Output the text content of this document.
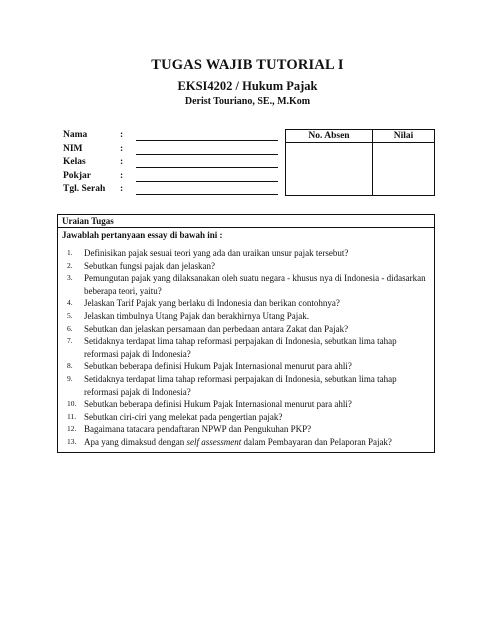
TUGAS WAJIB TUTORIAL I
EKSI4202 / Hukum Pajak
Derist Touriano, SE., M.Kom
Nama	:
NIM	:
Kelas	:
Pokjar	:
Tgl. Serah :
No. Absen	Nilai

Uraian Tugas
Jawablah pertanyaan essay di bawah ini :
1.	Definisikan pajak sesuai teori yang ada dan uraikan unsur pajak tersebut?
2.	Sebutkan fungsi pajak dan jelaskan?
3.	Pemungutan pajak yang dilaksanakan oleh suatu negara - khusus nya di Indonesia - didasarkan beberapa teori, yaitu?
4.	Jelaskan Tarif Pajak yang berlaku di Indonesia dan berikan contohnya?
5.	Jelaskan timbulnya Utang Pajak dan berakhirnya Utang Pajak.
6.	Sebutkan dan jelaskan persamaan dan perbedaan antara Zakat dan Pajak?
7.	Setidaknya terdapat lima tahap reformasi perpajakan di Indonesia, sebutkan lima tahap reformasi pajak di Indonesia?
8.	Sebutkan beberapa definisi Hukum Pajak Internasional menurut para ahli?
9.	Setidaknya terdapat lima tahap reformasi perpajakan di Indonesia, sebutkan lima tahap reformasi pajak di Indonesia?
10. Sebutkan beberapa definisi Hukum Pajak Internasional menurut para ahli?
11. Sebutkan ciri-ciri yang melekat pada pengertian pajak?
12. Bagaimana tatacara pendaftaran NPWP dan Pengukuhan PKP?
13. Apa yang dimaksud dengan self assessment dalam Pembayaran dan Pelaporan Pajak?
